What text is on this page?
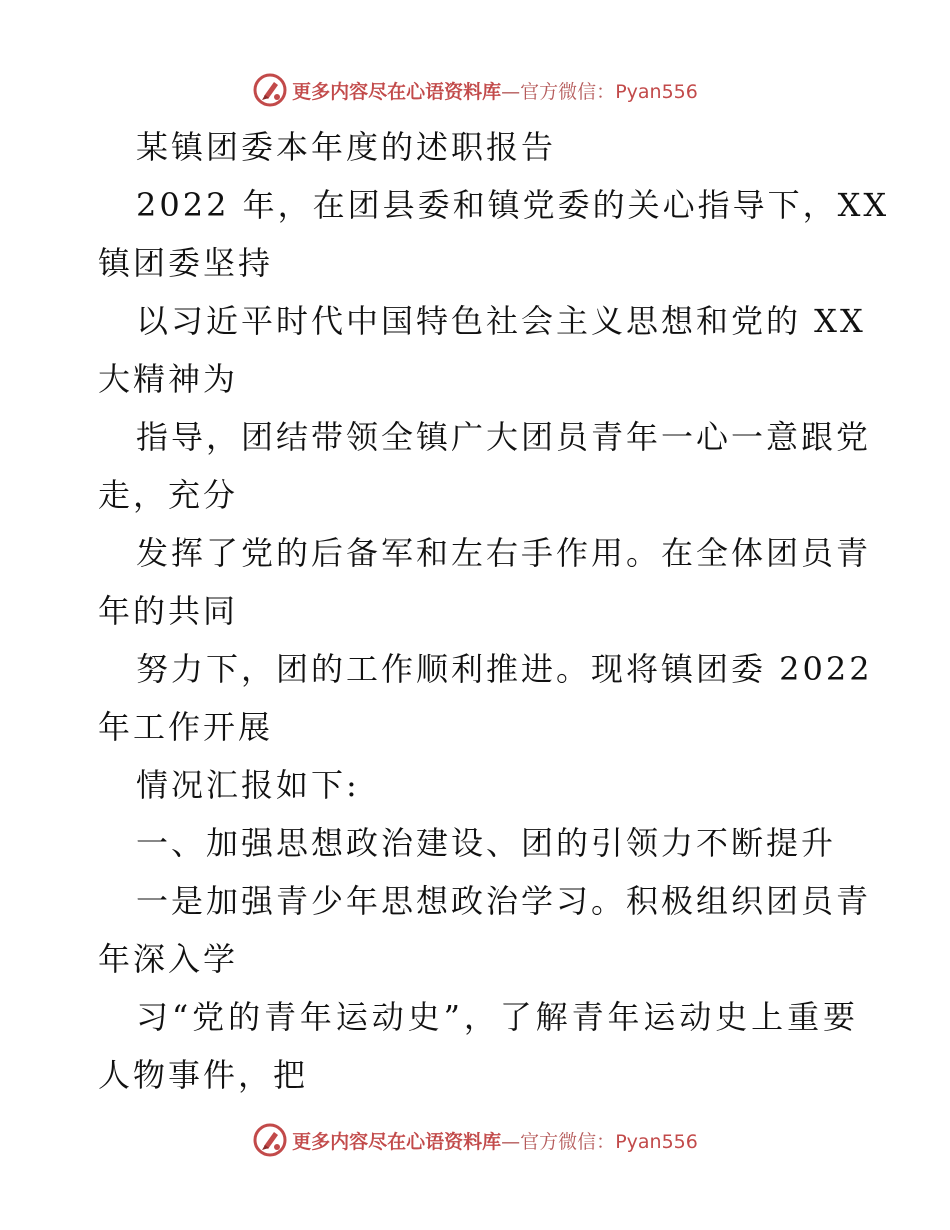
更多内容尽在心语资料库—官方微信：Pyan556
某镇团委本年度的述职报告
2022 年，在团县委和镇党委的关心指导下，XX
镇团委坚持
以习近平时代中国特色社会主义思想和党的 XX
大精神为
指导，团结带领全镇广大团员青年一心一意跟党
走，充分
发挥了党的后备军和左右手作用。在全体团员青
年的共同
努力下，团的工作顺利推进。现将镇团委 2022
年工作开展
情况汇报如下:
一、加强思想政治建设、团的引领力不断提升
一是加强青少年思想政治学习。积极组织团员青
年深入学
习“党的青年运动史”，了解青年运动史上重要
人物事件，把
更多内容尽在心语资料库—官方微信：Pyan556
